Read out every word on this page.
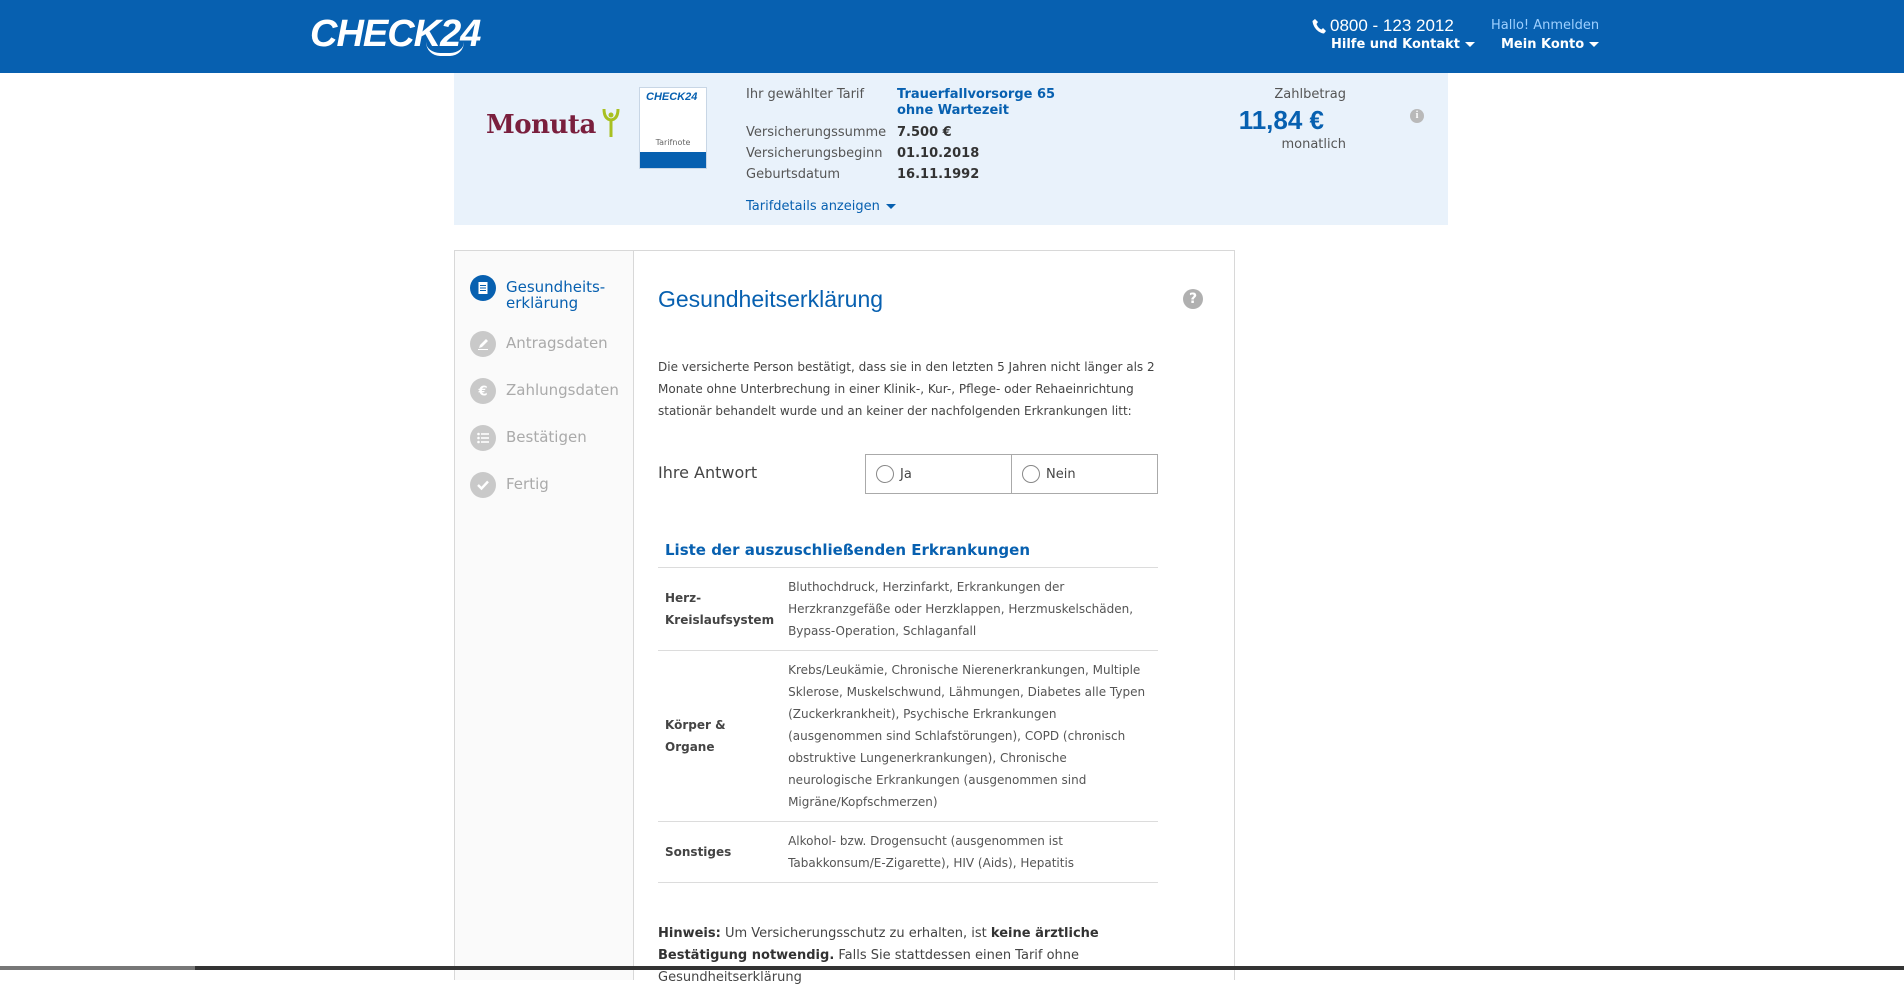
CHECK24	0800 - 123 2012
Hilfe und Kontakt
Hallo! Anmelden
Mein Konto
Monuta
CHECK24
Tarifnote
Ihr gewählter Tarif	Trauerfallvorsorge 65 ohne Wartezeit
Versicherungssumme 7.500 €
Versicherungsbeginn	01.10.2018
Geburtsdatum	16.11.1992
Tarifdetails anzeigen
Zahlbetrag
11,84 €	i
monatlich
Gesundheits-
erklärung
Antragsdaten
€ Zahlungsdaten
Bestätigen
Fertig
Gesundheitserklärung	?
Die versicherte Person bestätigt, dass sie in den letzten 5 Jahren nicht länger als 2 Monate ohne Unterbrechung in einer Klinik-, Kur-, Pflege- oder Rehaeinrichtung stationär behandelt wurde und an keiner der nachfolgenden Erkrankungen litt:
Ihre Antwort	Ja	Nein
Liste der auszuschließenden Erkrankungen
Herz-
Kreislaufsystem	Bluthochdruck, Herzinfarkt, Erkrankungen der Herzkranzgefäße oder Herzklappen, Herzmuskelschäden, Bypass-Operation, Schlaganfall
Körper &
Organe	Krebs/Leukämie, Chronische Nierenerkrankungen, Multiple Sklerose, Muskelschwund, Lähmungen, Diabetes alle Typen (Zuckerkrankheit), Psychische Erkrankungen (ausgenommen sind Schlafstörungen), COPD (chronisch obstruktive Lungenerkrankungen), Chronische neurologische Erkrankungen (ausgenommen sind Migräne/Kopfschmerzen)
Sonstiges	Alkohol- bzw. Drogensucht (ausgenommen ist Tabakkonsum/E-Zigarette), HIV (Aids), Hepatitis
Hinweis: Um Versicherungsschutz zu erhalten, ist keine ärztliche Bestätigung notwendig. Falls Sie stattdessen einen Tarif ohne Gesundheitserklärung
